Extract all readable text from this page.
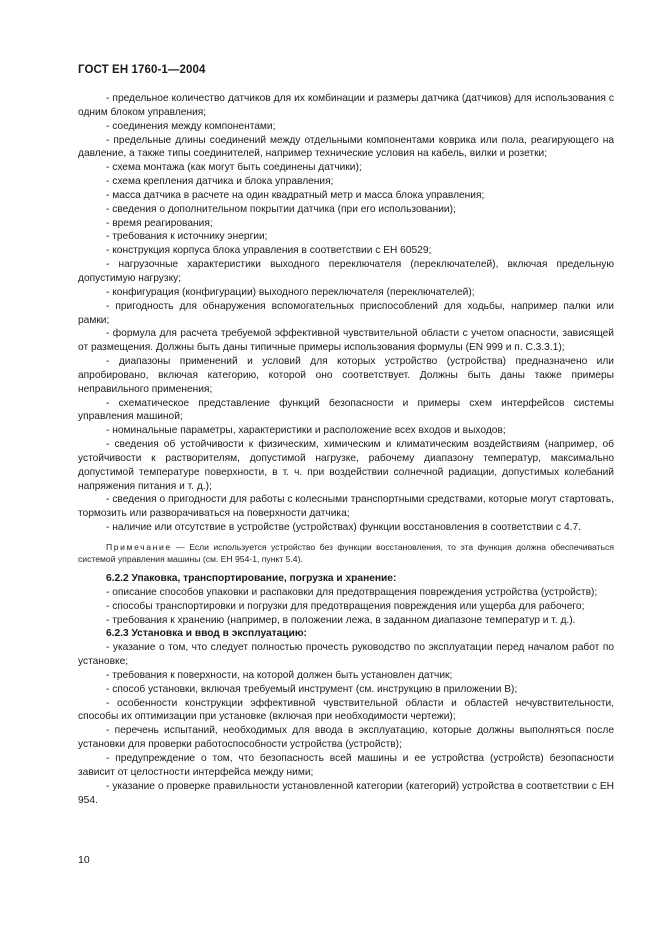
ГОСТ ЕН 1760-1—2004

- предельное количество датчиков для их комбинации и размеры датчика (датчиков) для использования с одним блоком управления;

- соединения между компонентами;

- предельные длины соединений между отдельными компонентами коврика или пола, реагирующего на давление, а также типы соединителей, например технические условия на кабель, вилки и розетки;

- схема монтажа (как могут быть соединены датчики);

- схема крепления датчика и блока управления;

- масса датчика в расчете на один квадратный метр и масса блока управления;

- сведения о дополнительном покрытии датчика (при его использовании);

- время реагирования;

- требования к источнику энергии;

- конструкция корпуса блока управления в соответствии с ЕН 60529;

- нагрузочные характеристики выходного переключателя (переключателей), включая предельную допустимую нагрузку;

- конфигурация (конфигурации) выходного переключателя (переключателей);

- пригодность для обнаружения вспомогательных приспособлений для ходьбы, например палки или рамки;

- формула для расчета требуемой эффективной чувствительной области с учетом опасности, зависящей от размещения. Должны быть даны типичные примеры использования формулы (ЕN 999 и п. С.3.3.1);

- диапазоны применений и условий для которых устройство (устройства) предназначено или апробировано, включая категорию, которой оно соответствует. Должны быть даны также примеры неправильного применения;

- схематическое представление функций безопасности и примеры схем интерфейсов системы управления машиной;

- номинальные параметры, характеристики и расположение всех входов и выходов;

- сведения об устойчивости к физическим, химическим и климатическим воздействиям (например, об устойчивости к растворителям, допустимой нагрузке, рабочему диапазону температур, максимально допустимой температуре поверхности, в т. ч. при воздействии солнечной радиации, допустимых колебаний напряжения питания и т. д.);

- сведения о пригодности для работы с колесными транспортными средствами, которые могут стартовать, тормозить или разворачиваться на поверхности датчика;

- наличие или отсутствие в устройстве (устройствах) функции восстановления в соответствии с 4.7.

Примечание — Если используется устройство без функции восстановления, то эта функция должна обеспечиваться системой управления машины (см. ЕН 954-1, пункт 5.4).

6.2.2 Упаковка, транспортирование, погрузка и хранение:

- описание способов упаковки и распаковки для предотвращения повреждения устройства (устройств);

- способы транспортировки и погрузки для предотвращения повреждения или ущерба для рабочего;

- требования к хранению (например, в положении лежа, в заданном диапазоне температур и т. д.).

6.2.3 Установка и ввод в эксплуатацию:

- указание о том, что следует полностью прочесть руководство по эксплуатации перед началом работ по установке;

- требования к поверхности, на которой должен быть установлен датчик;

- способ установки, включая требуемый инструмент (см. инструкцию в приложении В);

- особенности конструкции эффективной чувствительной области и областей нечувствительности, способы их оптимизации при установке (включая при необходимости чертежи);

- перечень испытаний, необходимых для ввода в эксплуатацию, которые должны выполняться после установки для проверки работоспособности устройства (устройств);

- предупреждение о том, что безопасность всей машины и ее устройства (устройств) безопасности зависит от целостности интерфейса между ними;

- указание о проверке правильности установленной категории (категорий) устройства в соответствии с ЕН 954.

10
